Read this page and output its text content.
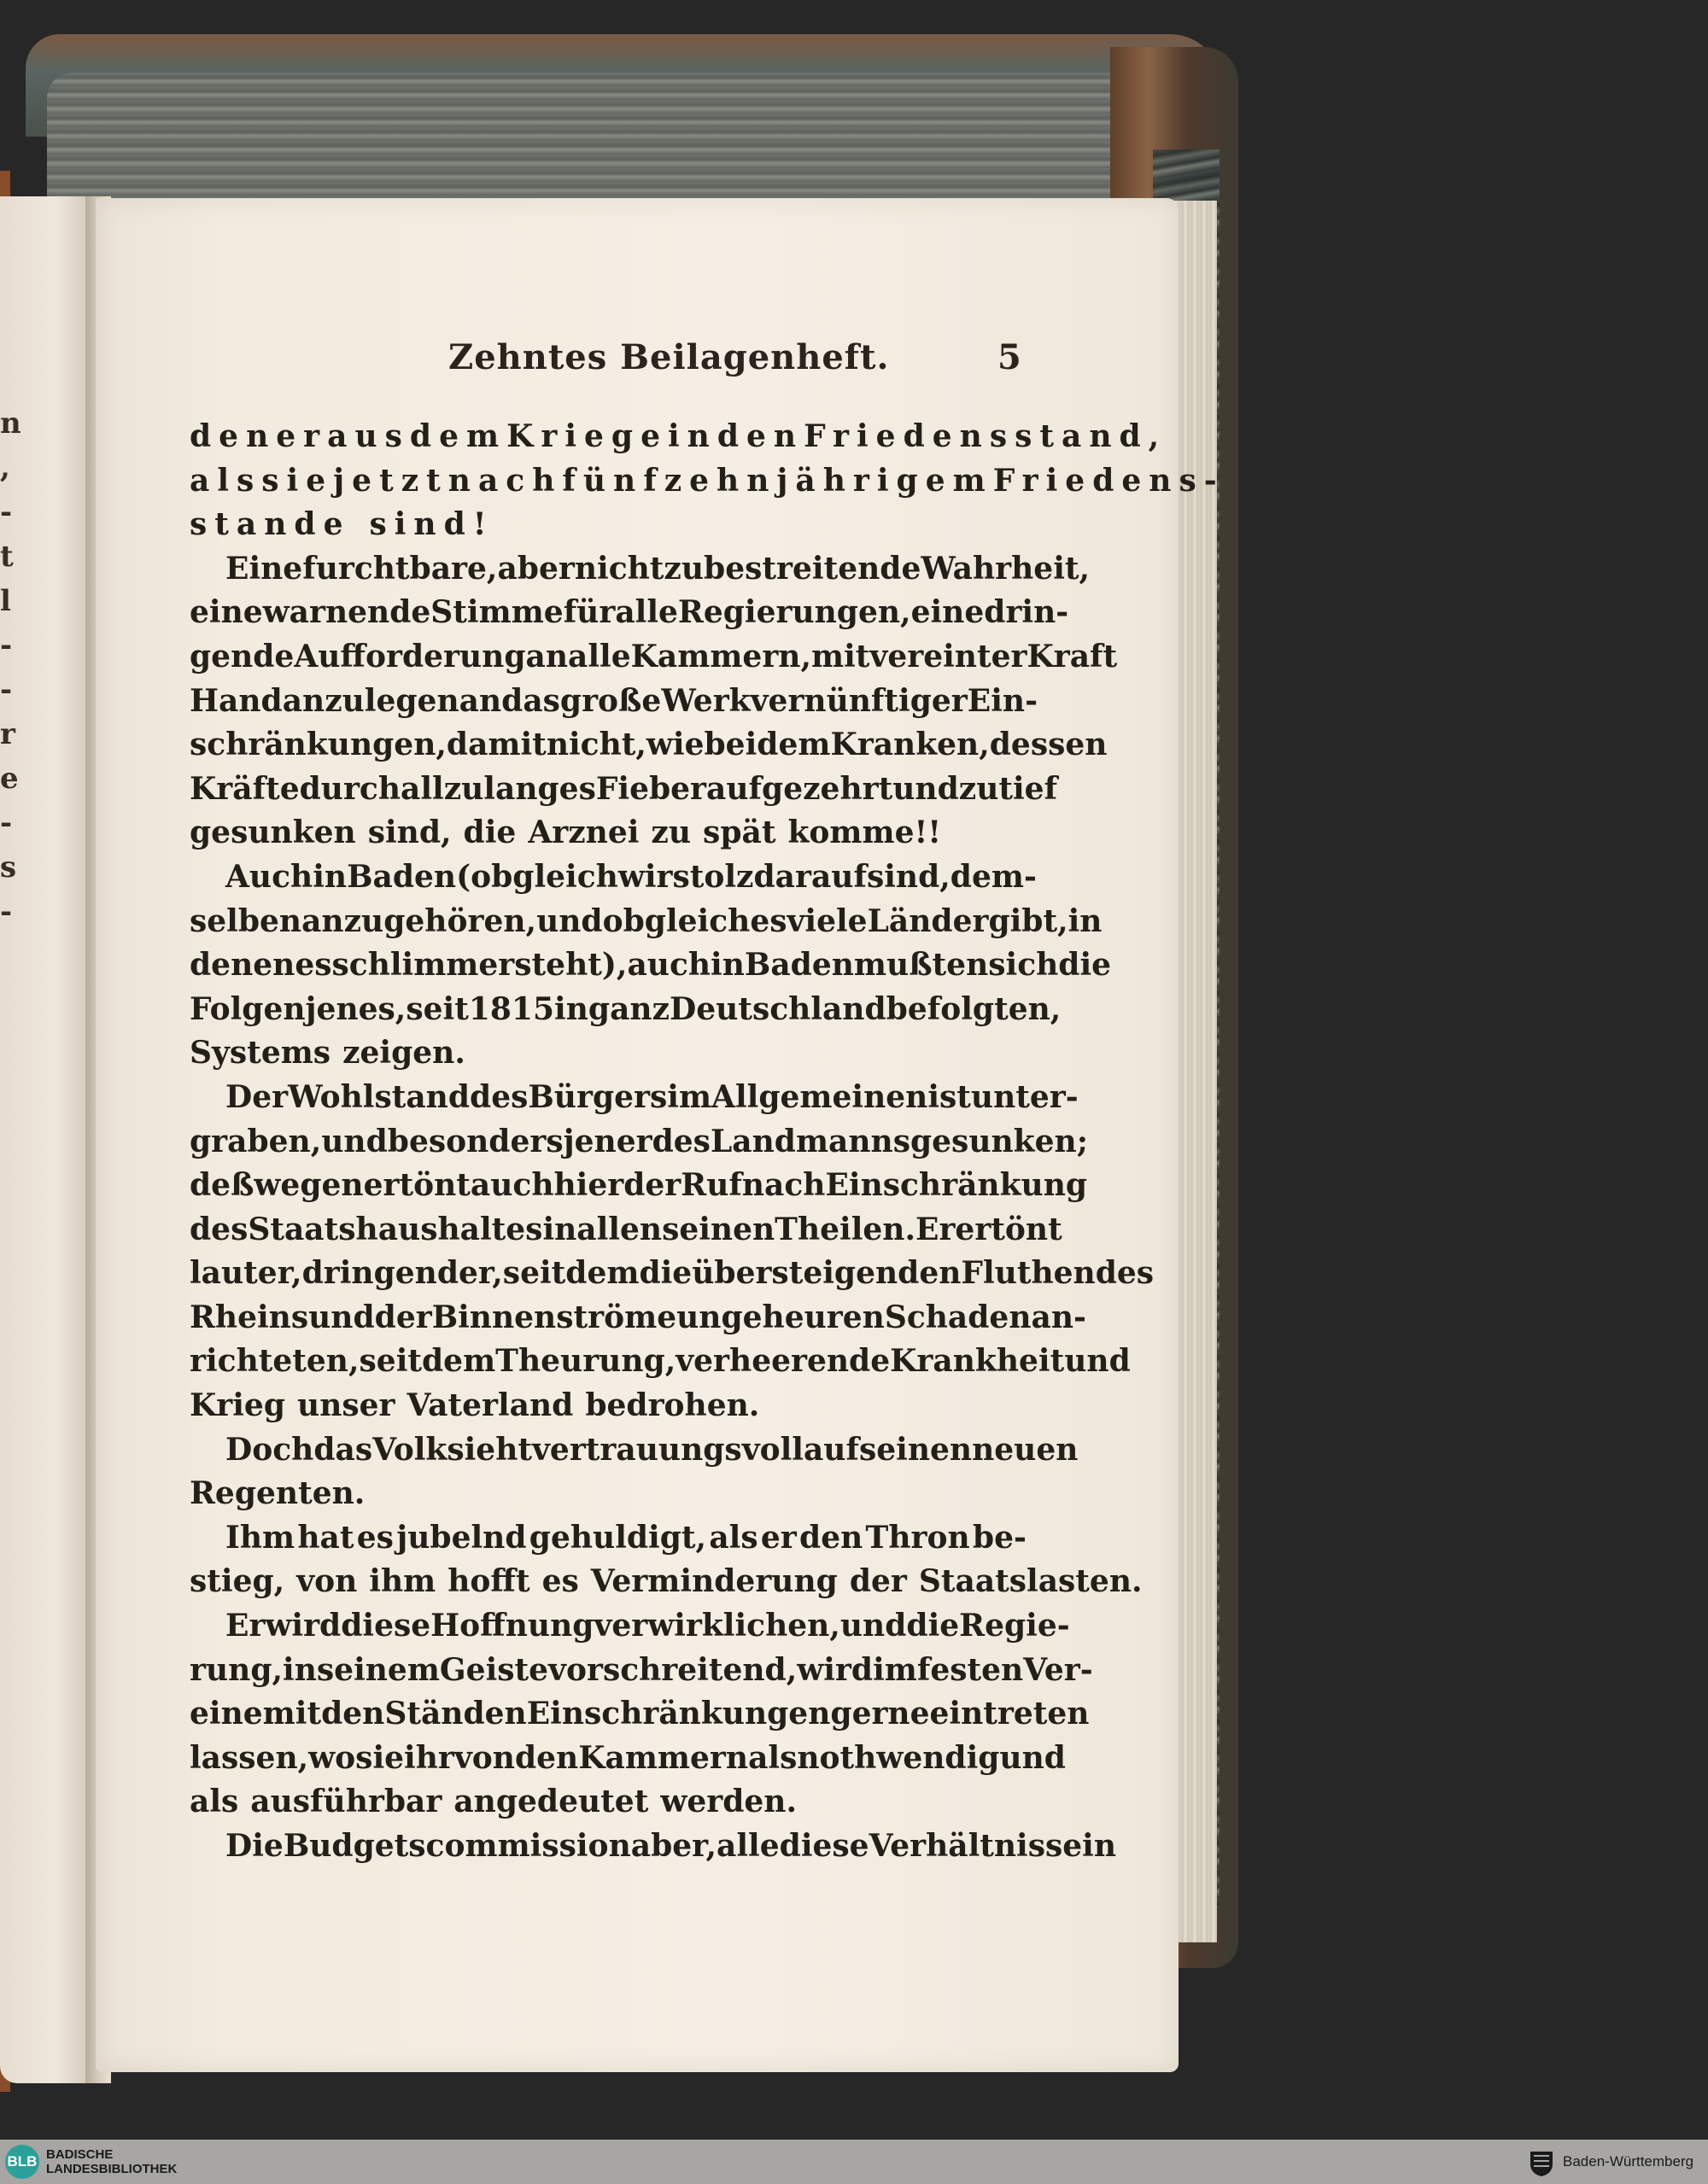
n
,
-
t
l
-
-
r
e
-
s
-
Zehntes Beilagenheft.	5
dener aus dem Kriege in den Friedensstand,
als sie jetzt nach fünfzehnjährigem Friedens-
stande sind!
Eine furchtbare, aber nicht zu bestreitende Wahrheit,
eine warnende Stimme für alle Regierungen, eine drin-
gende Aufforderung an alle Kammern, mit vereinter Kraft
Hand anzulegen an das große Werk vernünftiger Ein-
schränkungen, damit nicht, wie bei dem Kranken, dessen
Kräfte durch allzulanges Fieber aufgezehrt und zu tief
gesunken sind, die Arznei zu spät komme!!
Auch in Baden (obgleich wir stolz darauf sind, dem-
selben anzugehören, und obgleich es viele Länder gibt, in
denen es schlimmer steht), auch in Baden mußten sich die
Folgen jenes, seit 1815 in ganz Deutschland befolgten,
Systems zeigen.
Der Wohlstand des Bürgers im Allgemeinen ist unter-
graben, und besonders jener des Landmanns gesunken;
deßwegen ertönt auch hier der Ruf nach Einschränkung
des Staatshaushaltes in allen seinen Theilen. Er ertönt
lauter, dringender, seitdem die übersteigenden Fluthen des
Rheins und der Binnenströme ungeheuren Schaden an-
richteten, seitdem Theurung, verheerende Krankheit und
Krieg unser Vaterland bedrohen.
Doch das Volk sieht vertrauungsvoll auf seinen neuen
Regenten.
Ihm hat es jubelnd gehuldigt, als er den Thron be-
stieg, von ihm hofft es Verminderung der Staatslasten.
Er wird diese Hoffnung verwirklichen, und die Regie-
rung, in seinem Geiste vorschreitend, wird im festen Ver-
eine mit den Ständen Einschränkungen gerne eintreten
lassen, wo sie ihr von den Kammern als nothwendig und
als ausführbar angedeutet werden.
Die Budgetscommission aber, alle diese Verhältnisse in
BLB BADISCHE
LANDESBIBLIOTHEK	Baden-Württemberg
